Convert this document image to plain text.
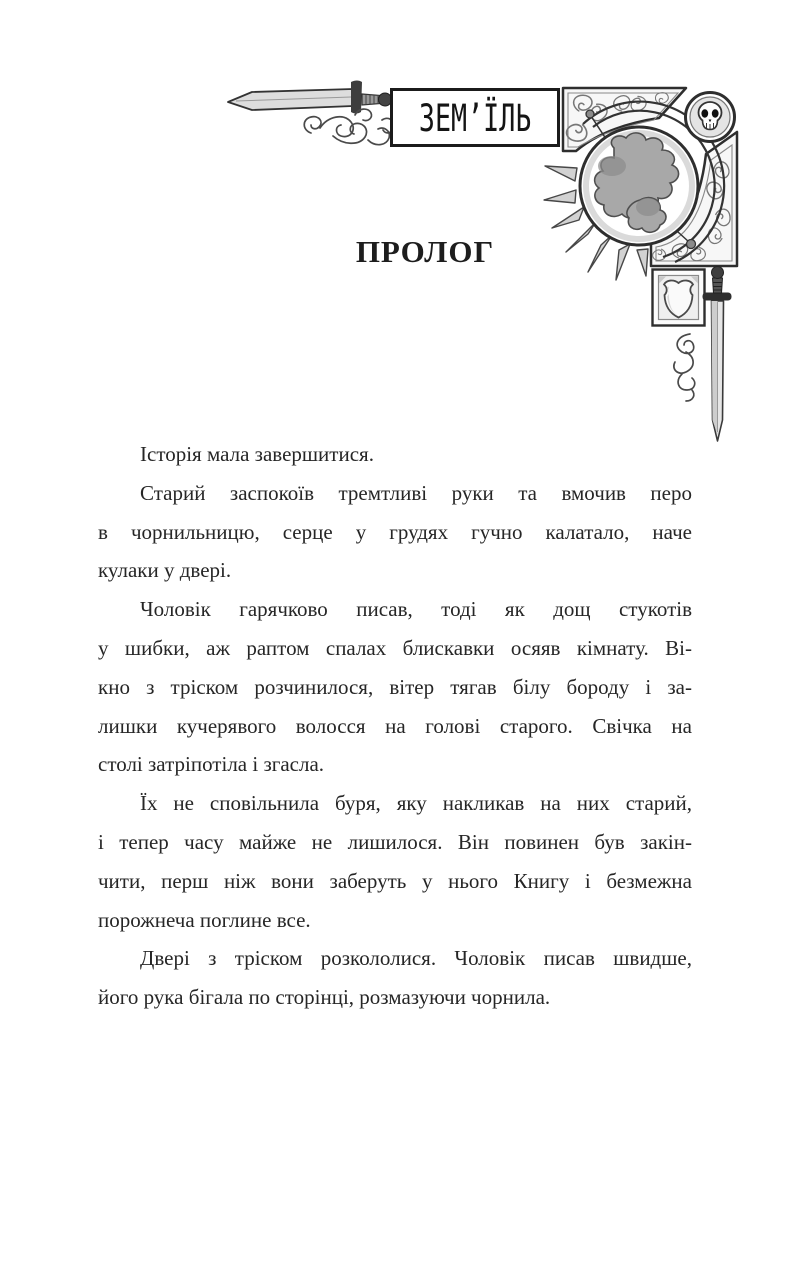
ЗЕМ’ЇЛЬ
ПРОЛОГ
Історія мала завершитися.
Старий заспокоїв тремтливі руки та вмочив перо
в чорнильницю, серце у грудях гучно калатало, наче
кулаки у двері.
Чоловік гарячково писав, тоді як дощ стукотів
у шибки, аж раптом спалах блискавки осяяв кімнату. Ві-
кно з тріском розчинилося, вітер тягав білу бороду і за-
лишки кучерявого волосся на голові старого. Свічка на
столі затріпотіла і згасла.
Їх не сповільнила буря, яку накликав на них старий,
і тепер часу майже не лишилося. Він повинен був закін-
чити, перш ніж вони заберуть у нього Книгу і безмежна
порожнеча поглине все.
Двері з тріском розкололися. Чоловік писав швидше,
його рука бігала по сторінці, розмазуючи чорнила.
